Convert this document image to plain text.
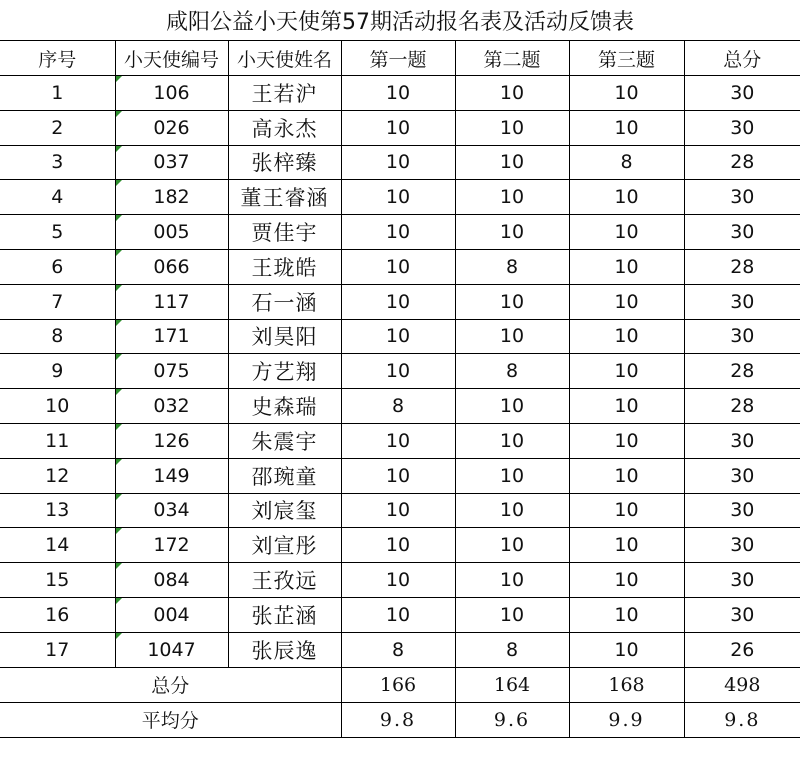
咸阳公益小天使第57期活动报名表及活动反馈表						
序号	小天使编号	小天使姓名	第一题	第二题	第三题	总分
1	106	王若沪	10	10	10	30
2	026	高永杰	10	10	10	30
3	037	张梓臻	10	10	8	28
4	182	董王睿涵	10	10	10	30
5	005	贾佳宇	10	10	10	30
6	066	王珑皓	10	8	10	28
7	117	石一涵	10	10	10	30
8	171	刘昊阳	10	10	10	30
9	075	方艺翔	10	8	10	28
10	032	史森瑞	8	10	10	28
11	126	朱震宇	10	10	10	30
12	149	邵琬童	10	10	10	30
13	034	刘宸玺	10	10	10	30
14	172	刘宣彤	10	10	10	30
15	084	王孜远	10	10	10	30
16	004	张芷涵	10	10	10	30
17	1047	张辰逸	8	8	10	26
总分			166	164	168	498
平均分			9.8	9.6	9.9	9.8
